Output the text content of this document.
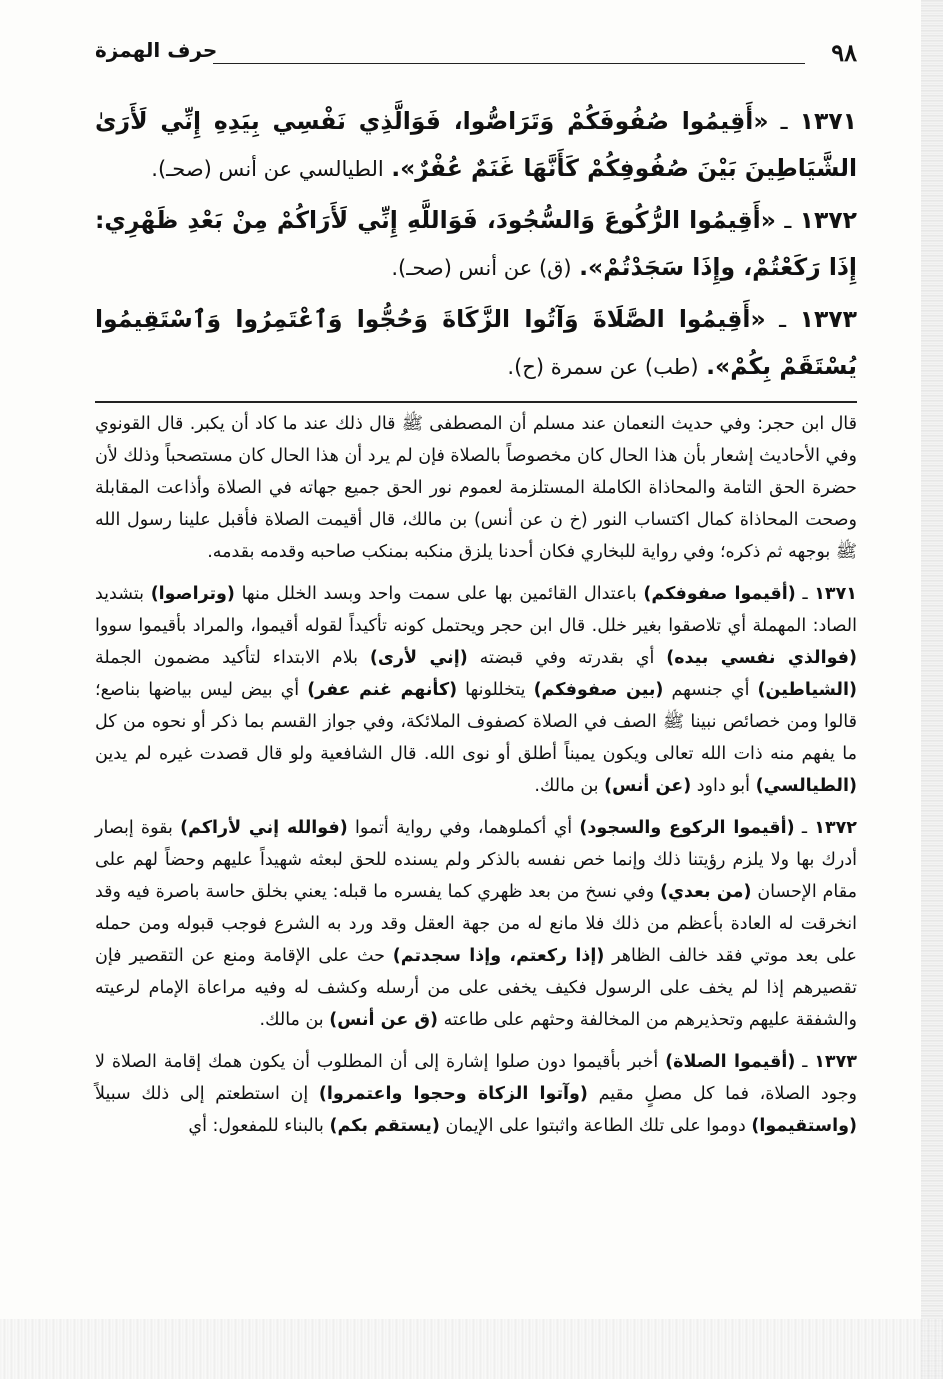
٩٨
حرف الهمزة

١٣٧١ ـ «أَقِيمُوا صُفُوفَكُمْ وَتَرَاصُّوا، فَوَالَّذِي نَفْسِي بِيَدِهِ إِنِّي لَأَرَىٰ الشَّيَاطِينَ بَيْنَ صُفُوفِكُمْ كَأَنَّهَا غَنَمٌ عُفْرٌ». الطيالسي عن أنس (صحـ).

١٣٧٢ ـ «أَقِيمُوا الرُّكُوعَ وَالسُّجُودَ، فَوَاللَّهِ إِنِّي لَأَرَاكُمْ مِنْ بَعْدِ ظَهْرِي: إِذَا رَكَعْتُمْ، وإِذَا سَجَدْتُمْ». (ق) عن أنس (صحـ).

١٣٧٣ ـ «أَقِيمُوا الصَّلَاةَ وَآتُوا الزَّكَاةَ وَحُجُّوا وَٱعْتَمِرُوا وَٱسْتَقِيمُوا يُسْتَقَمْ بِكُمْ». (طب) عن سمرة (ح).

قال ابن حجر: وفي حديث النعمان عند مسلم أن المصطفى ﷺ قال ذلك عند ما كاد أن يكبر. قال القونوي وفي الأحاديث إشعار بأن هذا الحال كان مخصوصاً بالصلاة فإن لم يرد أن هذا الحال كان مستصحباً وذلك لأن حضرة الحق التامة والمحاذاة الكاملة المستلزمة لعموم نور الحق جميع جهاته في الصلاة وأذاعت المقابلة وصحت المحاذاة كمال اكتساب النور (خ ن عن أنس) بن مالك، قال أقيمت الصلاة فأقبل علينا رسول الله ﷺ بوجهه ثم ذكره؛ وفي رواية للبخاري فكان أحدنا يلزق منكبه بمنكب صاحبه وقدمه بقدمه.

١٣٧١ ـ (أقيموا صفوفكم) باعتدال القائمين بها على سمت واحد وبسد الخلل منها (وتراصوا) بتشديد الصاد: المهملة أي تلاصقوا بغير خلل. قال ابن حجر ويحتمل كونه تأكيداً لقوله أقيموا، والمراد بأقيموا سووا (فوالذي نفسي بيده) أي بقدرته وفي قبضته (إني لأرى) بلام الابتداء لتأكيد مضمون الجملة (الشياطين) أي جنسهم (بين صفوفكم) يتخللونها (كأنهم غنم عفر) أي بيض ليس بياضها بناصع؛ قالوا ومن خصائص نبينا ﷺ الصف في الصلاة كصفوف الملائكة، وفي جواز القسم بما ذكر أو نحوه من كل ما يفهم منه ذات الله تعالى ويكون يميناً أطلق أو نوى الله. قال الشافعية ولو قال قصدت غيره لم يدين (الطيالسي) أبو داود (عن أنس) بن مالك.

١٣٧٢ ـ (أقيموا الركوع والسجود) أي أكملوهما، وفي رواية أتموا (فوالله إني لأراكم) بقوة إبصار أدرك بها ولا يلزم رؤيتنا ذلك وإنما خص نفسه بالذكر ولم يسنده للحق لبعثه شهيداً عليهم وحضاً لهم على مقام الإحسان (من بعدي) وفي نسخ من بعد ظهري كما يفسره ما قبله: يعني بخلق حاسة باصرة فيه وقد انخرقت له العادة بأعظم من ذلك فلا مانع له من جهة العقل وقد ورد به الشرع فوجب قبوله ومن حمله على بعد موتي فقد خالف الظاهر (إذا ركعتم، وإذا سجدتم) حث على الإقامة ومنع عن التقصير فإن تقصيرهم إذا لم يخف على الرسول فكيف يخفى على من أرسله وكشف له وفيه مراعاة الإمام لرعيته والشفقة عليهم وتحذيرهم من المخالفة وحثهم على طاعته (ق عن أنس) بن مالك.

١٣٧٣ ـ (أقيموا الصلاة) أخبر بأقيموا دون صلوا إشارة إلى أن المطلوب أن يكون همك إقامة الصلاة لا وجود الصلاة، فما كل مصلٍ مقيم (وآتوا الزكاة وحجوا واعتمروا) إن استطعتم إلى ذلك سبيلاً (واستقيموا) دوموا على تلك الطاعة واثبتوا على الإيمان (يستقم بكم) بالبناء للمفعول: أي
